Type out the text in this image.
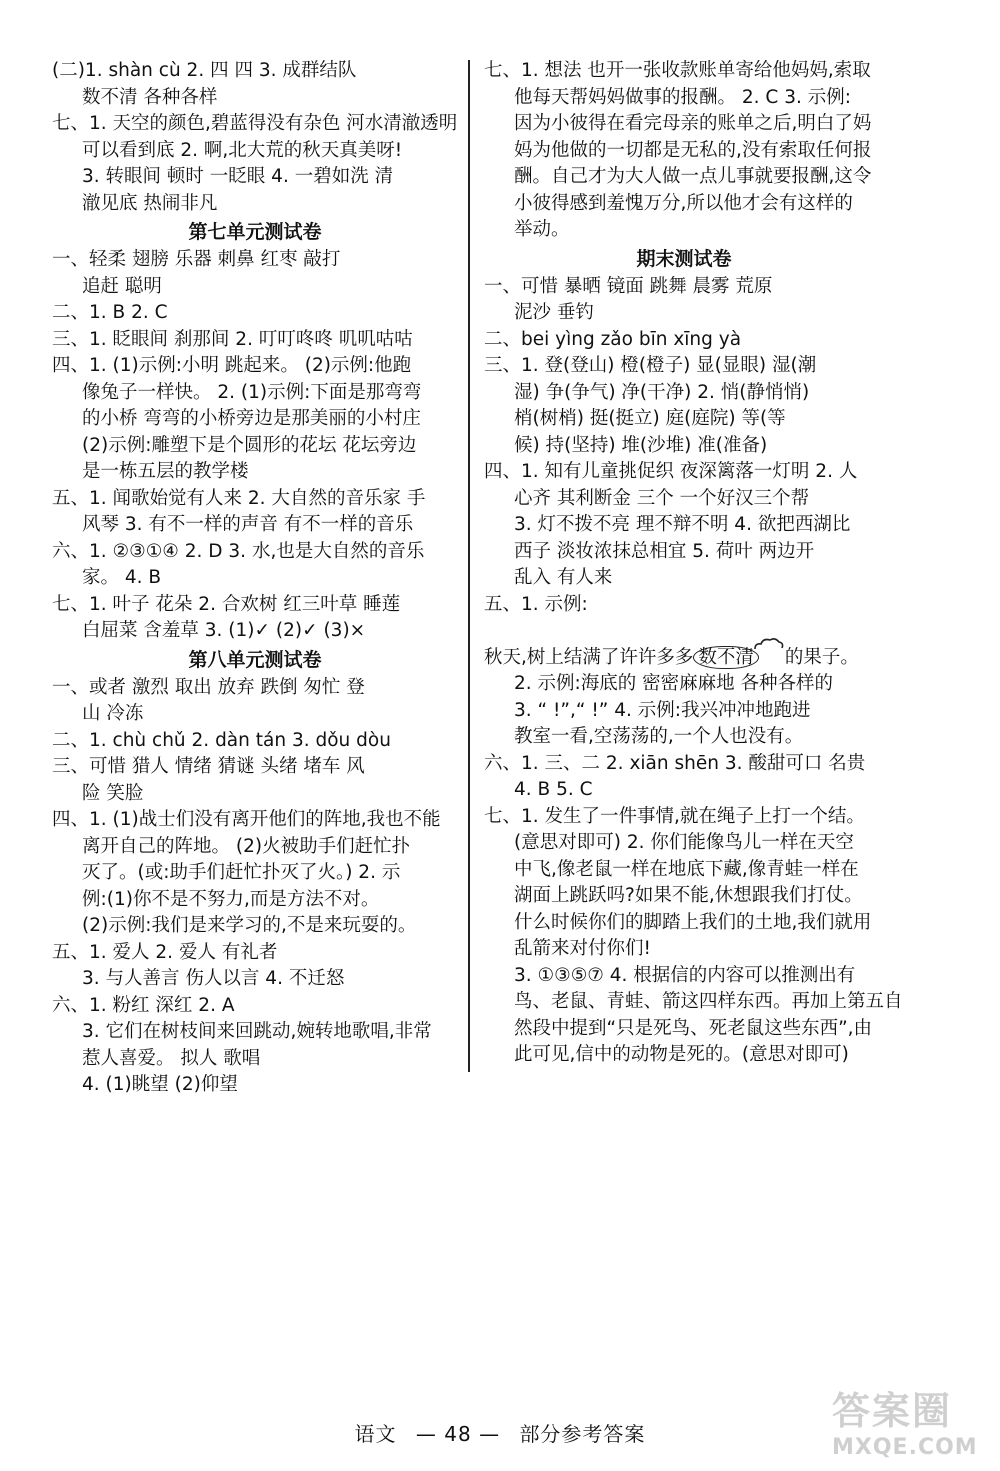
(二)1. shàn cù 2. 四 四 3. 成群结队
数不清 各种各样
七、1. 天空的颜色,碧蓝得没有杂色 河水清澈透明
可以看到底 2. 啊,北大荒的秋天真美呀!
3. 转眼间 顿时 一眨眼 4. 一碧如洗 清
澈见底 热闹非凡
第七单元测试卷
一、轻柔 翅膀 乐器 刺鼻 红枣 敲打
追赶 聪明
二、1. B 2. C
三、1. 眨眼间 刹那间 2. 叮叮咚咚 叽叽咕咕
四、1. (1)示例:小明 跳起来。 (2)示例:他跑
像兔子一样快。 2. (1)示例:下面是那弯弯
的小桥 弯弯的小桥旁边是那美丽的小村庄
(2)示例:雕塑下是个圆形的花坛 花坛旁边
是一栋五层的教学楼
五、1. 闻歌始觉有人来 2. 大自然的音乐家 手
风琴 3. 有不一样的声音 有不一样的音乐
六、1. ②③①④ 2. D 3. 水,也是大自然的音乐
家。 4. B
七、1. 叶子 花朵 2. 合欢树 红三叶草 睡莲
白屈菜 含羞草 3. (1)✓ (2)✓ (3)×
第八单元测试卷
一、或者 激烈 取出 放弃 跌倒 匆忙 登
山 冷冻
二、1. chù chǔ 2. dàn tán 3. dǒu dòu
三、可惜 猎人 情绪 猜谜 头绪 堵车 风
险 笑脸
四、1. (1)战士们没有离开他们的阵地,我也不能
离开自己的阵地。 (2)火被助手们赶忙扑
灭了。(或:助手们赶忙扑灭了火。) 2. 示
例:(1)你不是不努力,而是方法不对。
(2)示例:我们是来学习的,不是来玩耍的。
五、1. 爱人 2. 爱人 有礼者
3. 与人善言 伤人以言 4. 不迁怒
六、1. 粉红 深红 2. A
3. 它们在树枝间来回跳动,婉转地歌唱,非常
惹人喜爱。 拟人 歌唱
4. (1)眺望 (2)仰望
七、1. 想法 也开一张收款账单寄给他妈妈,索取
他每天帮妈妈做事的报酬。 2. C 3. 示例:
因为小彼得在看完母亲的账单之后,明白了妈
妈为他做的一切都是无私的,没有索取任何报
酬。自己才为大人做一点儿事就要报酬,这令
小彼得感到羞愧万分,所以他才会有这样的
举动。
期末测试卷
一、可惜 暴晒 镜面 跳舞 晨雾 荒原
泥沙 垂钓
二、bei yìng zǎo bīn xīng yà
三、1. 登(登山) 橙(橙子) 显(显眼) 湿(潮
湿) 争(争气) 净(干净) 2. 悄(静悄悄)
梢(树梢) 挺(挺立) 庭(庭院) 等(等
候) 持(坚持) 堆(沙堆) 准(准备)
四、1. 知有儿童挑促织 夜深篱落一灯明 2. 人
心齐 其利断金 三个 一个好汉三个帮
3. 灯不拨不亮 理不辩不明 4. 欲把西湖比
西子 淡妆浓抹总相宜 5. 荷叶 两边开
乱入 有人来
五、1. 示例:
秋天,树上结满了许许多多 数不清 的果子。
2. 示例:海底的 密密麻麻地 各种各样的
3. “ !”,“ !” 4. 示例:我兴冲冲地跑进
教室一看,空荡荡的,一个人也没有。
六、1. 三、二 2. xiān shēn 3. 酸甜可口 名贵
4. B 5. C
七、1. 发生了一件事情,就在绳子上打一个结。
(意思对即可) 2. 你们能像鸟儿一样在天空
中飞,像老鼠一样在地底下藏,像青蛙一样在
湖面上跳跃吗?如果不能,休想跟我们打仗。
什么时候你们的脚踏上我们的土地,我们就用
乱箭来对付你们!
3. ①③⑤⑦ 4. 根据信的内容可以推测出有
鸟、老鼠、青蛙、箭这四样东西。再加上第五自
然段中提到“只是死鸟、死老鼠这些东西”,由
此可见,信中的动物是死的。(意思对即可)
语文 — 48 — 部分参考答案
答案圈
MXQE.COM
